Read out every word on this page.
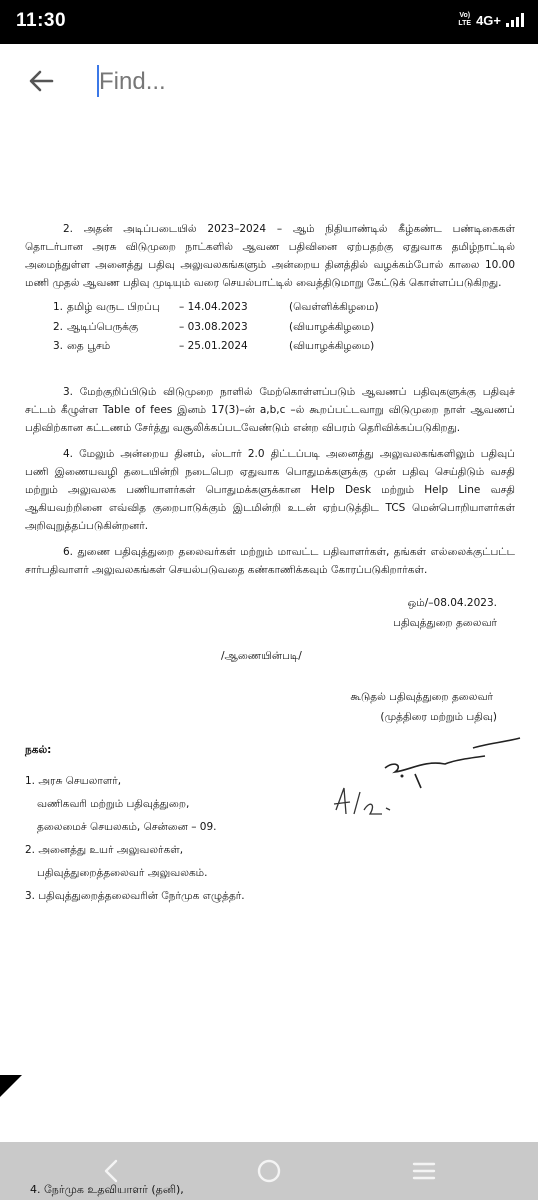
11:30	Vo)
LTE 4G+
Find...

2. அதன் அடிப்படையில் 2023–2024 – ஆம் நிதியாண்டில் கீழ்கண்ட பண்டிகைகள் தொடர்பான அரசு விடுமுறை நாட்களில் ஆவண பதிவினை ஏற்பதற்கு ஏதுவாக தமிழ்நாட்டில் அமைந்துள்ள அனைத்து பதிவு அலுவலகங்களும் அன்றைய தினத்தில் வழக்கம்போல் காலை 10.00 மணி முதல் ஆவண பதிவு முடியும் வரை செயல்பாட்டில் வைத்திடுமாறு கேட்டுக் கொள்ளப்படுகிறது.

1. தமிழ் வருட பிறப்பு	– 14.04.2023	(வெள்ளிக்கிழமை)
2. ஆடிப்பெருக்கு	– 03.08.2023	(வியாழக்கிழமை)
3. தை பூசம்	– 25.01.2024	(வியாழக்கிழமை)

3. மேற்குறிப்பிடும் விடுமுறை நாளில் மேற்கொள்ளப்படும் ஆவணப் பதிவுகளுக்கு பதிவுச் சட்டம் கீழுள்ள Table of fees இனம் 17(3)–ன் a,b,c –ல் கூறப்பட்டவாறு விடுமுறை நாள் ஆவணப் பதிவிற்கான கட்டணம் சேர்த்து வசூலிக்கப்படவேண்டும் என்ற விபரம் தெரிவிக்கப்படுகிறது.

4. மேலும் அன்றைய தினம், ஸ்டார் 2.0 திட்டப்படி அனைத்து அலுவலகங்களிலும் பதிவுப் பணி இணையவழி தடையின்றி நடைபெற ஏதுவாக பொதுமக்களுக்கு முன் பதிவு செய்திடும் வசதி மற்றும் அலுவலக பணியாளர்கள் பொதுமக்களுக்கான Help Desk மற்றும் Help Line வசதி ஆகியவற்றினை எவ்வித குறைபாடுக்கும் இடமின்றி உடன் ஏற்படுத்திட TCS மென்பொறியாளர்கள் அறிவுறுத்தப்படுகின்றனர்.

6. துணை பதிவுத்துறை தலைவர்கள் மற்றும் மாவட்ட பதிவாளர்கள், தங்கள் எல்லைக்குட்பட்ட சார்பதிவாளர் அலுவலகங்கள் செயல்படுவதை கண்காணிக்கவும் கோரப்படுகிறார்கள்.

ஒம்/–08.04.2023.

பதிவுத்துறை தலைவர்

/ஆணையின்படி/

கூடுதல் பதிவுத்துறை தலைவர்

(முத்திரை மற்றும் பதிவு)

நகல்:

1. அரசு செயலாளர்,

வணிகவரி மற்றும் பதிவுத்துறை,

தலைமைச் செயலகம், சென்னை – 09.

2. அனைத்து உயர் அலுவலர்கள்,

பதிவுத்துறைத்தலைவர் அலுவலகம்.

3. பதிவுத்துறைத்தலைவரின் நேர்முக எழுத்தர்.

4. நேர்முக உதவியாளர் (தனி),
